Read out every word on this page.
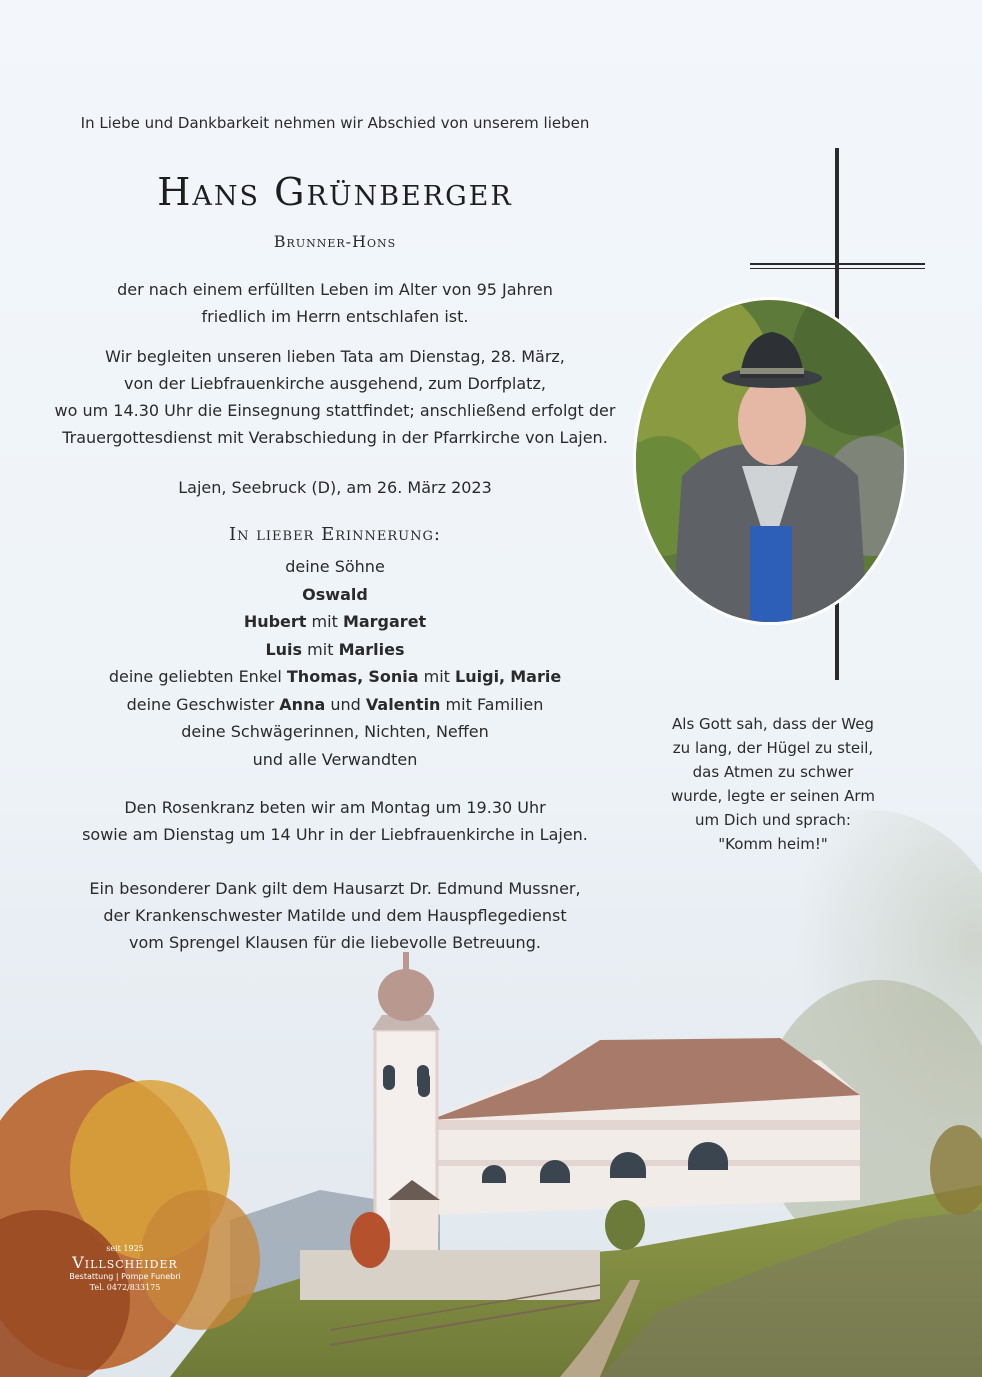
In Liebe und Dankbarkeit nehmen wir Abschied von unserem lieben
Hans Grünberger
Brunner-Hons
der nach einem erfüllten Leben im Alter von 95 Jahren
friedlich im Herrn entschlafen ist.
Wir begleiten unseren lieben Tata am Dienstag, 28. März,
von der Liebfrauenkirche ausgehend, zum Dorfplatz,
wo um 14.30 Uhr die Einsegnung stattfindet; anschließend erfolgt der
Trauergottesdienst mit Verabschiedung in der Pfarrkirche von Lajen.
Lajen, Seebruck (D), am 26. März 2023
In lieber Erinnerung:
deine Söhne
Oswald
Hubert mit Margaret
Luis mit Marlies
deine geliebten Enkel Thomas, Sonia mit Luigi, Marie
deine Geschwister Anna und Valentin mit Familien
deine Schwägerinnen, Nichten, Neffen
und alle Verwandten
Den Rosenkranz beten wir am Montag um 19.30 Uhr
sowie am Dienstag um 14 Uhr in der Liebfrauenkirche in Lajen.
Ein besonderer Dank gilt dem Hausarzt Dr. Edmund Mussner,
der Krankenschwester Matilde und dem Hauspflegedienst
vom Sprengel Klausen für die liebevolle Betreuung.
Als Gott sah, dass der Weg
zu lang, der Hügel zu steil,
das Atmen zu schwer
wurde, legte er seinen Arm
um Dich und sprach:
"Komm heim!"
seit 1925
Villscheider
Bestattung | Pompe Funebri
Tel. 0472/833175
